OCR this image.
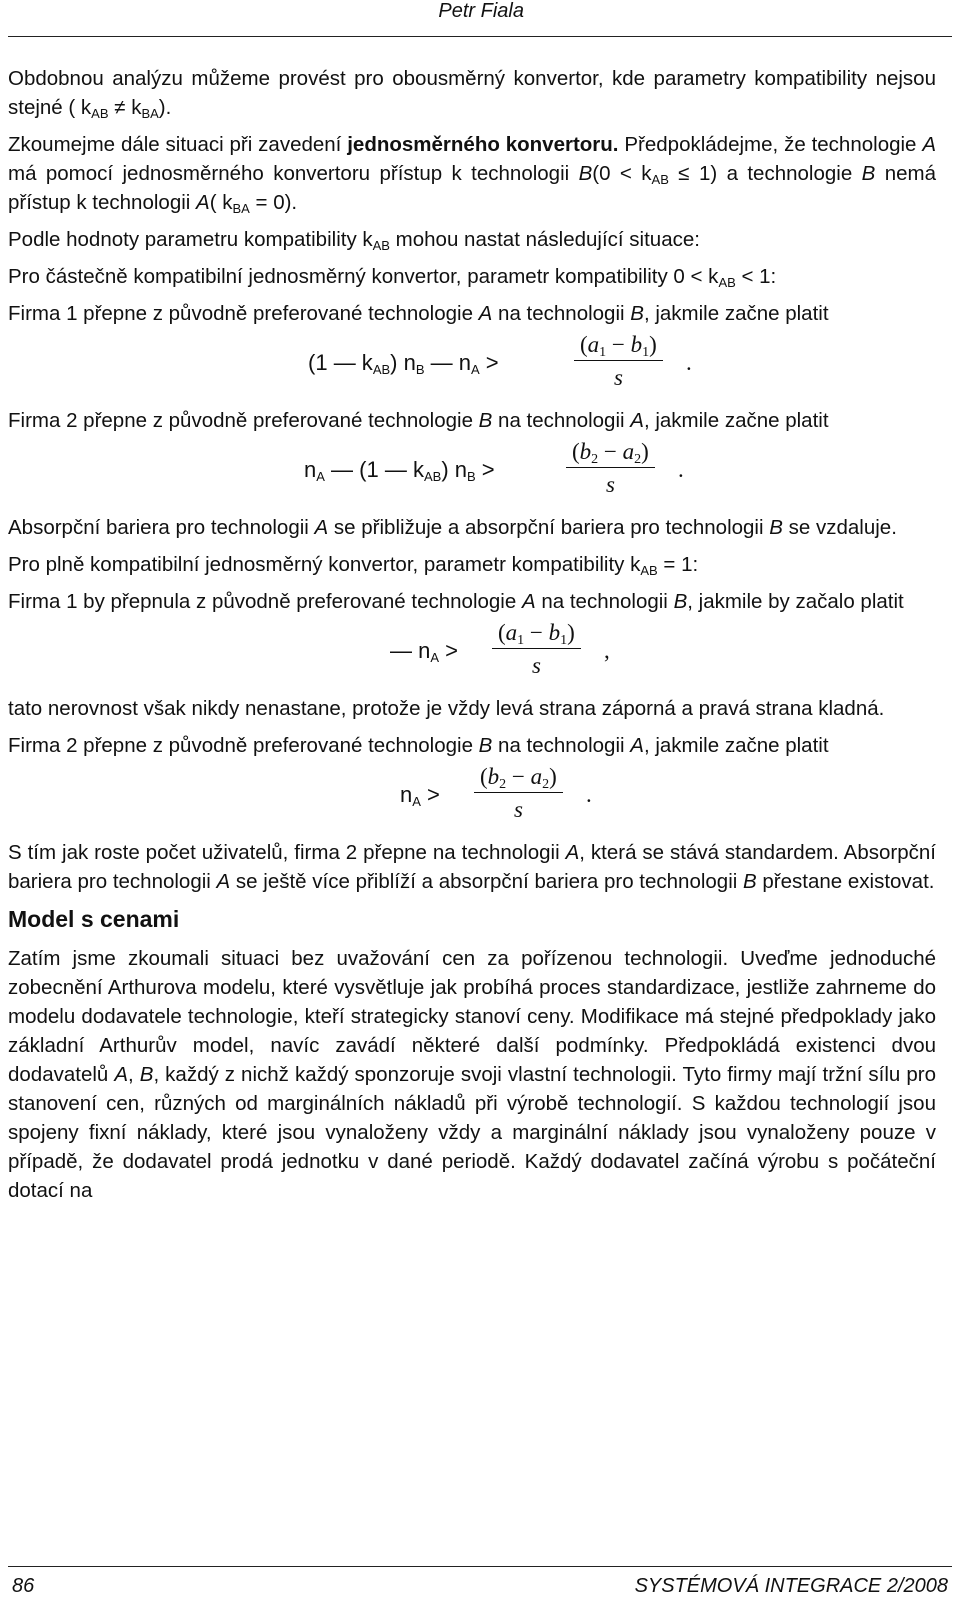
Petr Fiala

Obdobnou analýzu můžeme provést pro obousměrný konvertor, kde parametry kompatibility nejsou stejné ( $k_{AB} \ne k_{BA}$).

Zkoumejme dále situaci při zavedení jednosměrného konvertoru. Předpokládejme, že technologie A má pomocí jednosměrného konvertoru přístup k technologii $B(0 < k_{AB} \le 1)$ a technologie B nemá přístup k technologii A( $k_{BA} = 0$).

Podle hodnoty parametru kompatibility $k_{AB}$ mohou nastat následující situace:

Pro částečně kompatibilní jednosměrný konvertor, parametr kompatibility $0 < k_{AB} < 1$:

Firma 1 přepne z původně preferované technologie A na technologii B, jakmile začne platit

(1 — $k_{AB}$) $n_B$ — $n_A$ >	$\frac{(a_1 - b_1)}{s}$ .

Firma 2 přepne z původně preferované technologie B na technologii A, jakmile začne platit

$n_A$ — (1 — $k_{AB}$) $n_B$ >	$\frac{(b_2 - a_2)}{s}$ .

Absorpční bariera pro technologii A se přibližuje a absorpční bariera pro technologii B se vzdaluje.

Pro plně kompatibilní jednosměrný konvertor, parametr kompatibility $k_{AB} = 1$:

Firma 1 by přepnula z původně preferované technologie A na technologii B, jakmile by začalo platit

— $n_A > \frac{(a_1 - b_1)}{s}$ ,

tato nerovnost však nikdy nenastane, protože je vždy levá strana záporná a pravá strana kladná.

Firma 2 přepne z původně preferované technologie B na technologii A, jakmile začne platit

$n_A > \frac{(b_2 - a_2)}{s}$ .

S tím jak roste počet uživatelů, firma 2 přepne na technologii A, která se stává standardem. Absorpční bariera pro technologii A se ještě více přiblíží a absorpční bariera pro technologii B přestane existovat.

Model s cenami

Zatím jsme zkoumali situaci bez uvažování cen za pořízenou technologii. Uveďme jednoduché zobecnění Arthurova modelu, které vysvětluje jak probíhá proces standardizace, jestliže zahrneme do modelu dodavatele technologie, kteří strategicky stanoví ceny. Modifikace má stejné předpoklady jako základní Arthurův model, navíc zavádí některé další podmínky. Předpokládá existenci dvou dodavatelů A, B, každý z nichž každý sponzoruje svoji vlastní technologii. Tyto firmy mají tržní sílu pro stanovení cen, různých od marginálních nákladů při výrobě technologií. S každou technologií jsou spojeny fixní náklady, které jsou vynaloženy vždy a marginální náklady jsou vynaloženy pouze v případě, že dodavatel prodá jednotku v dané periodě. Každý dodavatel začíná výrobu s počáteční dotací na

86	SYSTÉMOVÁ INTEGRACE 2/2008
